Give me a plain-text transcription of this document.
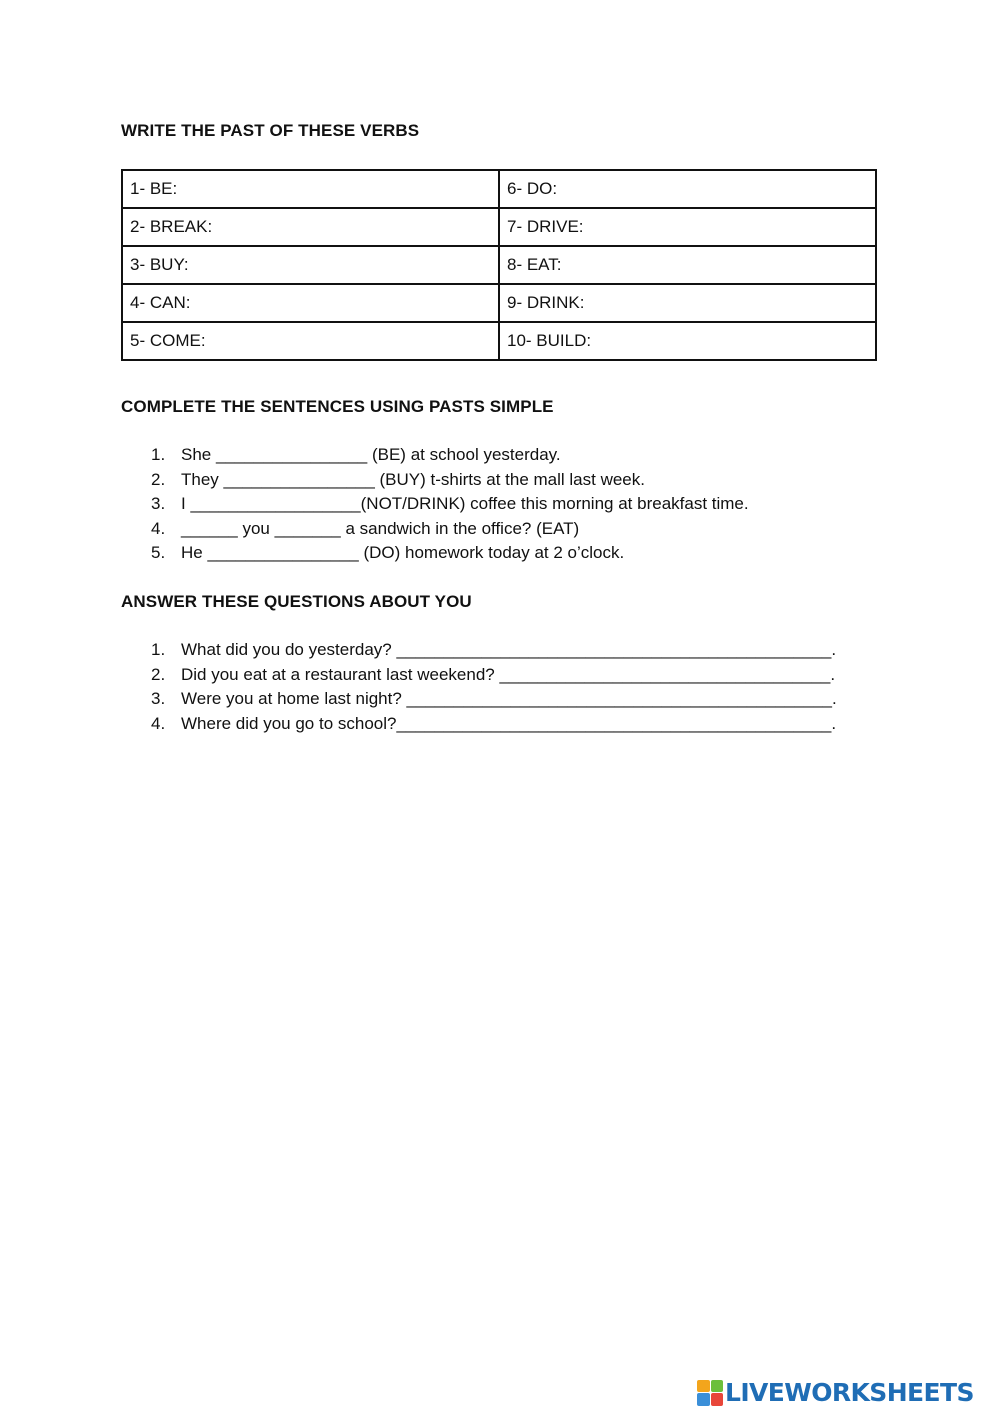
WRITE THE PAST OF THESE VERBS
1- BE:	6- DO:
2- BREAK:	7- DRIVE:
3- BUY:	8- EAT:
4- CAN:	9- DRINK:
5- COME:	10- BUILD:
COMPLETE THE SENTENCES USING PASTS SIMPLE
1. She ________________ (BE) at school yesterday.
2. They ________________ (BUY) t-shirts at the mall last week.
3. I __________________(NOT/DRINK) coffee this morning at breakfast time.
4. ______ you _______ a sandwich in the office? (EAT)
5. He ________________ (DO) homework today at 2 o’clock.
ANSWER THESE QUESTIONS ABOUT YOU
1. What did you do yesterday? ______________________________________________.
2. Did you eat at a restaurant last weekend? ___________________________________.
3. Were you at home last night? _____________________________________________.
4. Where did you go to school?______________________________________________.
LIVEWORKSHEETS
